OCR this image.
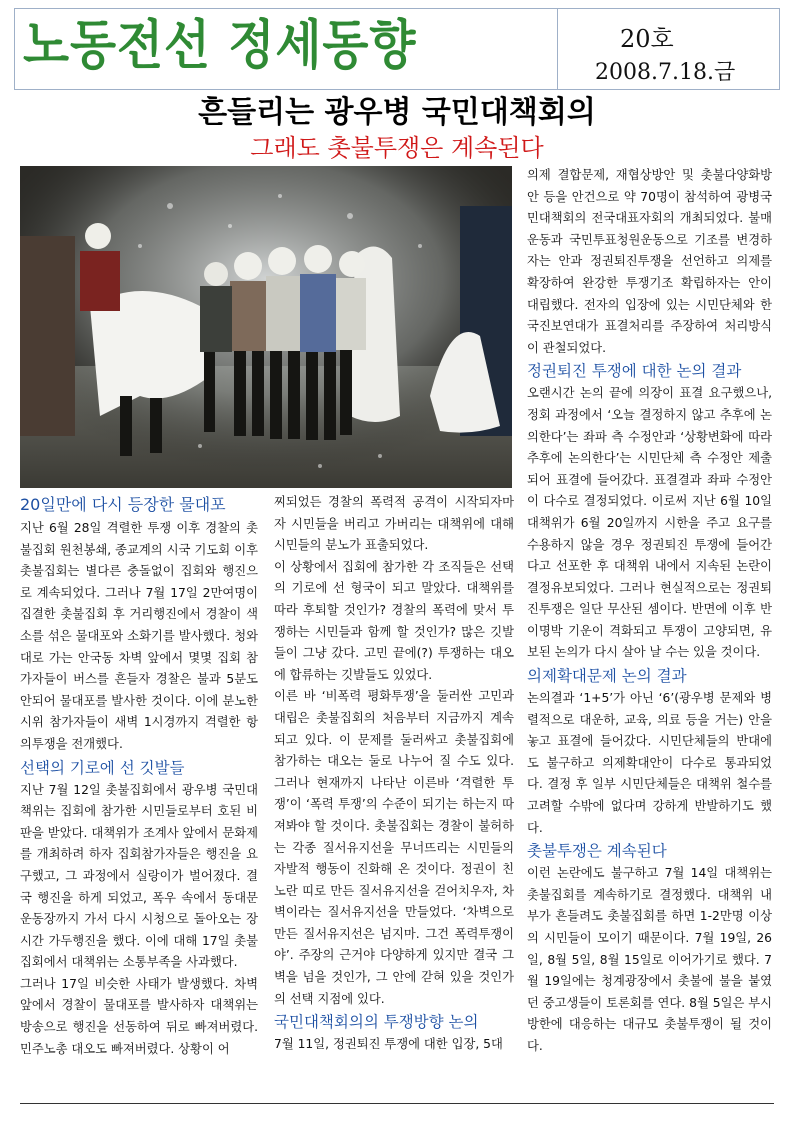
노동전선 정세동향	20호
2008.7.18.금
흔들리는 광우병 국민대책회의
그래도 촛불투쟁은 계속된다
20일만에 다시 등장한 물대포

지난 6월 28일 격렬한 투쟁 이후 경찰의 촛불집회 원천봉쇄, 종교계의 시국 기도회 이후 촛불집회는 별다른 충돌없이 집회와 행진으로 계속되었다. 그러나 7월 17일 2만여명이 집결한 촛불집회 후 거리행진에서 경찰이 색소를 섞은 물대포와 소화기를 발사했다. 청와대로 가는 안국동 차벽 앞에서 몇몇 집회 참가자들이 버스를 흔들자 경찰은 불과 5분도 안되어 물대포를 발사한 것이다. 이에 분노한 시위 참가자들이 새벽 1시경까지 격렬한 항의투쟁을 전개했다.

선택의 기로에 선 깃발들

지난 7월 12일 촛불집회에서 광우병 국민대책위는 집회에 참가한 시민들로부터 호된 비판을 받았다. 대책위가 조계사 앞에서 문화제를 개최하려 하자 집회참가자들은 행진을 요구했고, 그 과정에서 실랑이가 벌어졌다. 결국 행진을 하게 되었고, 폭우 속에서 동대문운동장까지 가서 다시 시청으로 돌아오는 장시간 가두행진을 했다. 이에 대해 17일 촛불집회에서 대책위는 소통부족을 사과했다.

그러나 17일 비슷한 사태가 발생했다. 차벽 앞에서 경찰이 물대포를 발사하자 대책위는 방송으로 행진을 선동하여 뒤로 빠져버렸다. 민주노총 대오도 빠져버렸다. 상황이 어

찌되었든 경찰의 폭력적 공격이 시작되자마자 시민들을 버리고 가버리는 대책위에 대해 시민들의 분노가 표출되었다.

이 상황에서 집회에 참가한 각 조직들은 선택의 기로에 선 형국이 되고 말았다. 대책위를 따라 후퇴할 것인가? 경찰의 폭력에 맞서 투쟁하는 시민들과 함께 할 것인가? 많은 깃발들이 그냥 갔다. 고민 끝에(?) 투쟁하는 대오에 합류하는 깃발들도 있었다.

이른 바 ‘비폭력 평화투쟁’을 둘러싼 고민과 대립은 촛불집회의 처음부터 지금까지 계속되고 있다. 이 문제를 둘러싸고 촛불집회에 참가하는 대오는 둘로 나누어 질 수도 있다. 그러나 현재까지 나타난 이른바 ‘격렬한 투쟁’이 ‘폭력 투쟁’의 수준이 되기는 하는지 따져봐야 할 것이다. 촛불집회는 경찰이 불허하는 각종 질서유지선을 무너뜨리는 시민들의 자발적 행동이 진화해 온 것이다. 정권이 친 노란 띠로 만든 질서유지선을 걷어치우자, 차벽이라는 질서유지선을 만들었다. ‘차벽으로 만든 질서유지선은 넘지마. 그건 폭력투쟁이야’. 주장의 근거야 다양하게 있지만 결국 그 벽을 넘을 것인가, 그 안에 갇혀 있을 것인가의 선택 지점에 있다.

국민대책회의의 투쟁방향 논의

7월 11일, 정권퇴진 투쟁에 대한 입장, 5대

의제 결합문제, 재협상방안 및 촛불다양화방안 등을 안건으로 약 70명이 참석하여 광병국민대책회의 전국대표자회의 개최되었다. 불매운동과 국민투표청원운동으로 기조를 변경하자는 안과 정권퇴진투쟁을 선언하고 의제를 확장하여 완강한 투쟁기조 확립하자는 안이 대립했다. 전자의 입장에 있는 시민단체와 한국진보연대가 표결처리를 주장하여 처리방식이 관철되었다.

정권퇴진 투쟁에 대한 논의 결과

오랜시간 논의 끝에 의장이 표결 요구했으나, 정회 과정에서 ‘오늘 결정하지 않고 추후에 논의한다’는 좌파 측 수정안과 ‘상황변화에 따라 추후에 논의한다’는 시민단체 측 수정안 제출되어 표결에 들어갔다. 표결결과 좌파 수정안이 다수로 결정되었다. 이로써 지난 6월 10일 대책위가 6월 20일까지 시한을 주고 요구를 수용하지 않을 경우 정권퇴진 투쟁에 들어간다고 선포한 후 대책위 내에서 지속된 논란이 결정유보되었다. 그러나 현실적으로는 정권퇴진투쟁은 일단 무산된 셈이다. 반면에 이후 반이명박 기운이 격화되고 투쟁이 고양되면, 유보된 논의가 다시 살아 날 수는 있을 것이다.

의제확대문제 논의 결과

논의결과 ‘1+5’가 아닌 ‘6’(광우병 문제와 병렬적으로 대운하, 교육, 의료 등을 거는) 안을 놓고 표결에 들어갔다. 시민단체들의 반대에도 불구하고 의제확대안이 다수로 통과되었다. 결정 후 일부 시민단체들은 대책위 철수를 고려할 수밖에 없다며 강하게 반발하기도 했다.

촛불투쟁은 계속된다

이런 논란에도 불구하고 7월 14일 대책위는 촛불집회를 계속하기로 결정했다. 대책위 내부가 흔들려도 촛불집회를 하면 1-2만명 이상의 시민들이 모이기 때문이다. 7월 19일, 26일, 8월 5일, 8월 15일로 이어가기로 했다. 7월 19일에는 청계광장에서 촛불에 불을 붙였던 중고생들이 토론회를 연다. 8월 5일은 부시방한에 대응하는 대규모 촛불투쟁이 될 것이다.
